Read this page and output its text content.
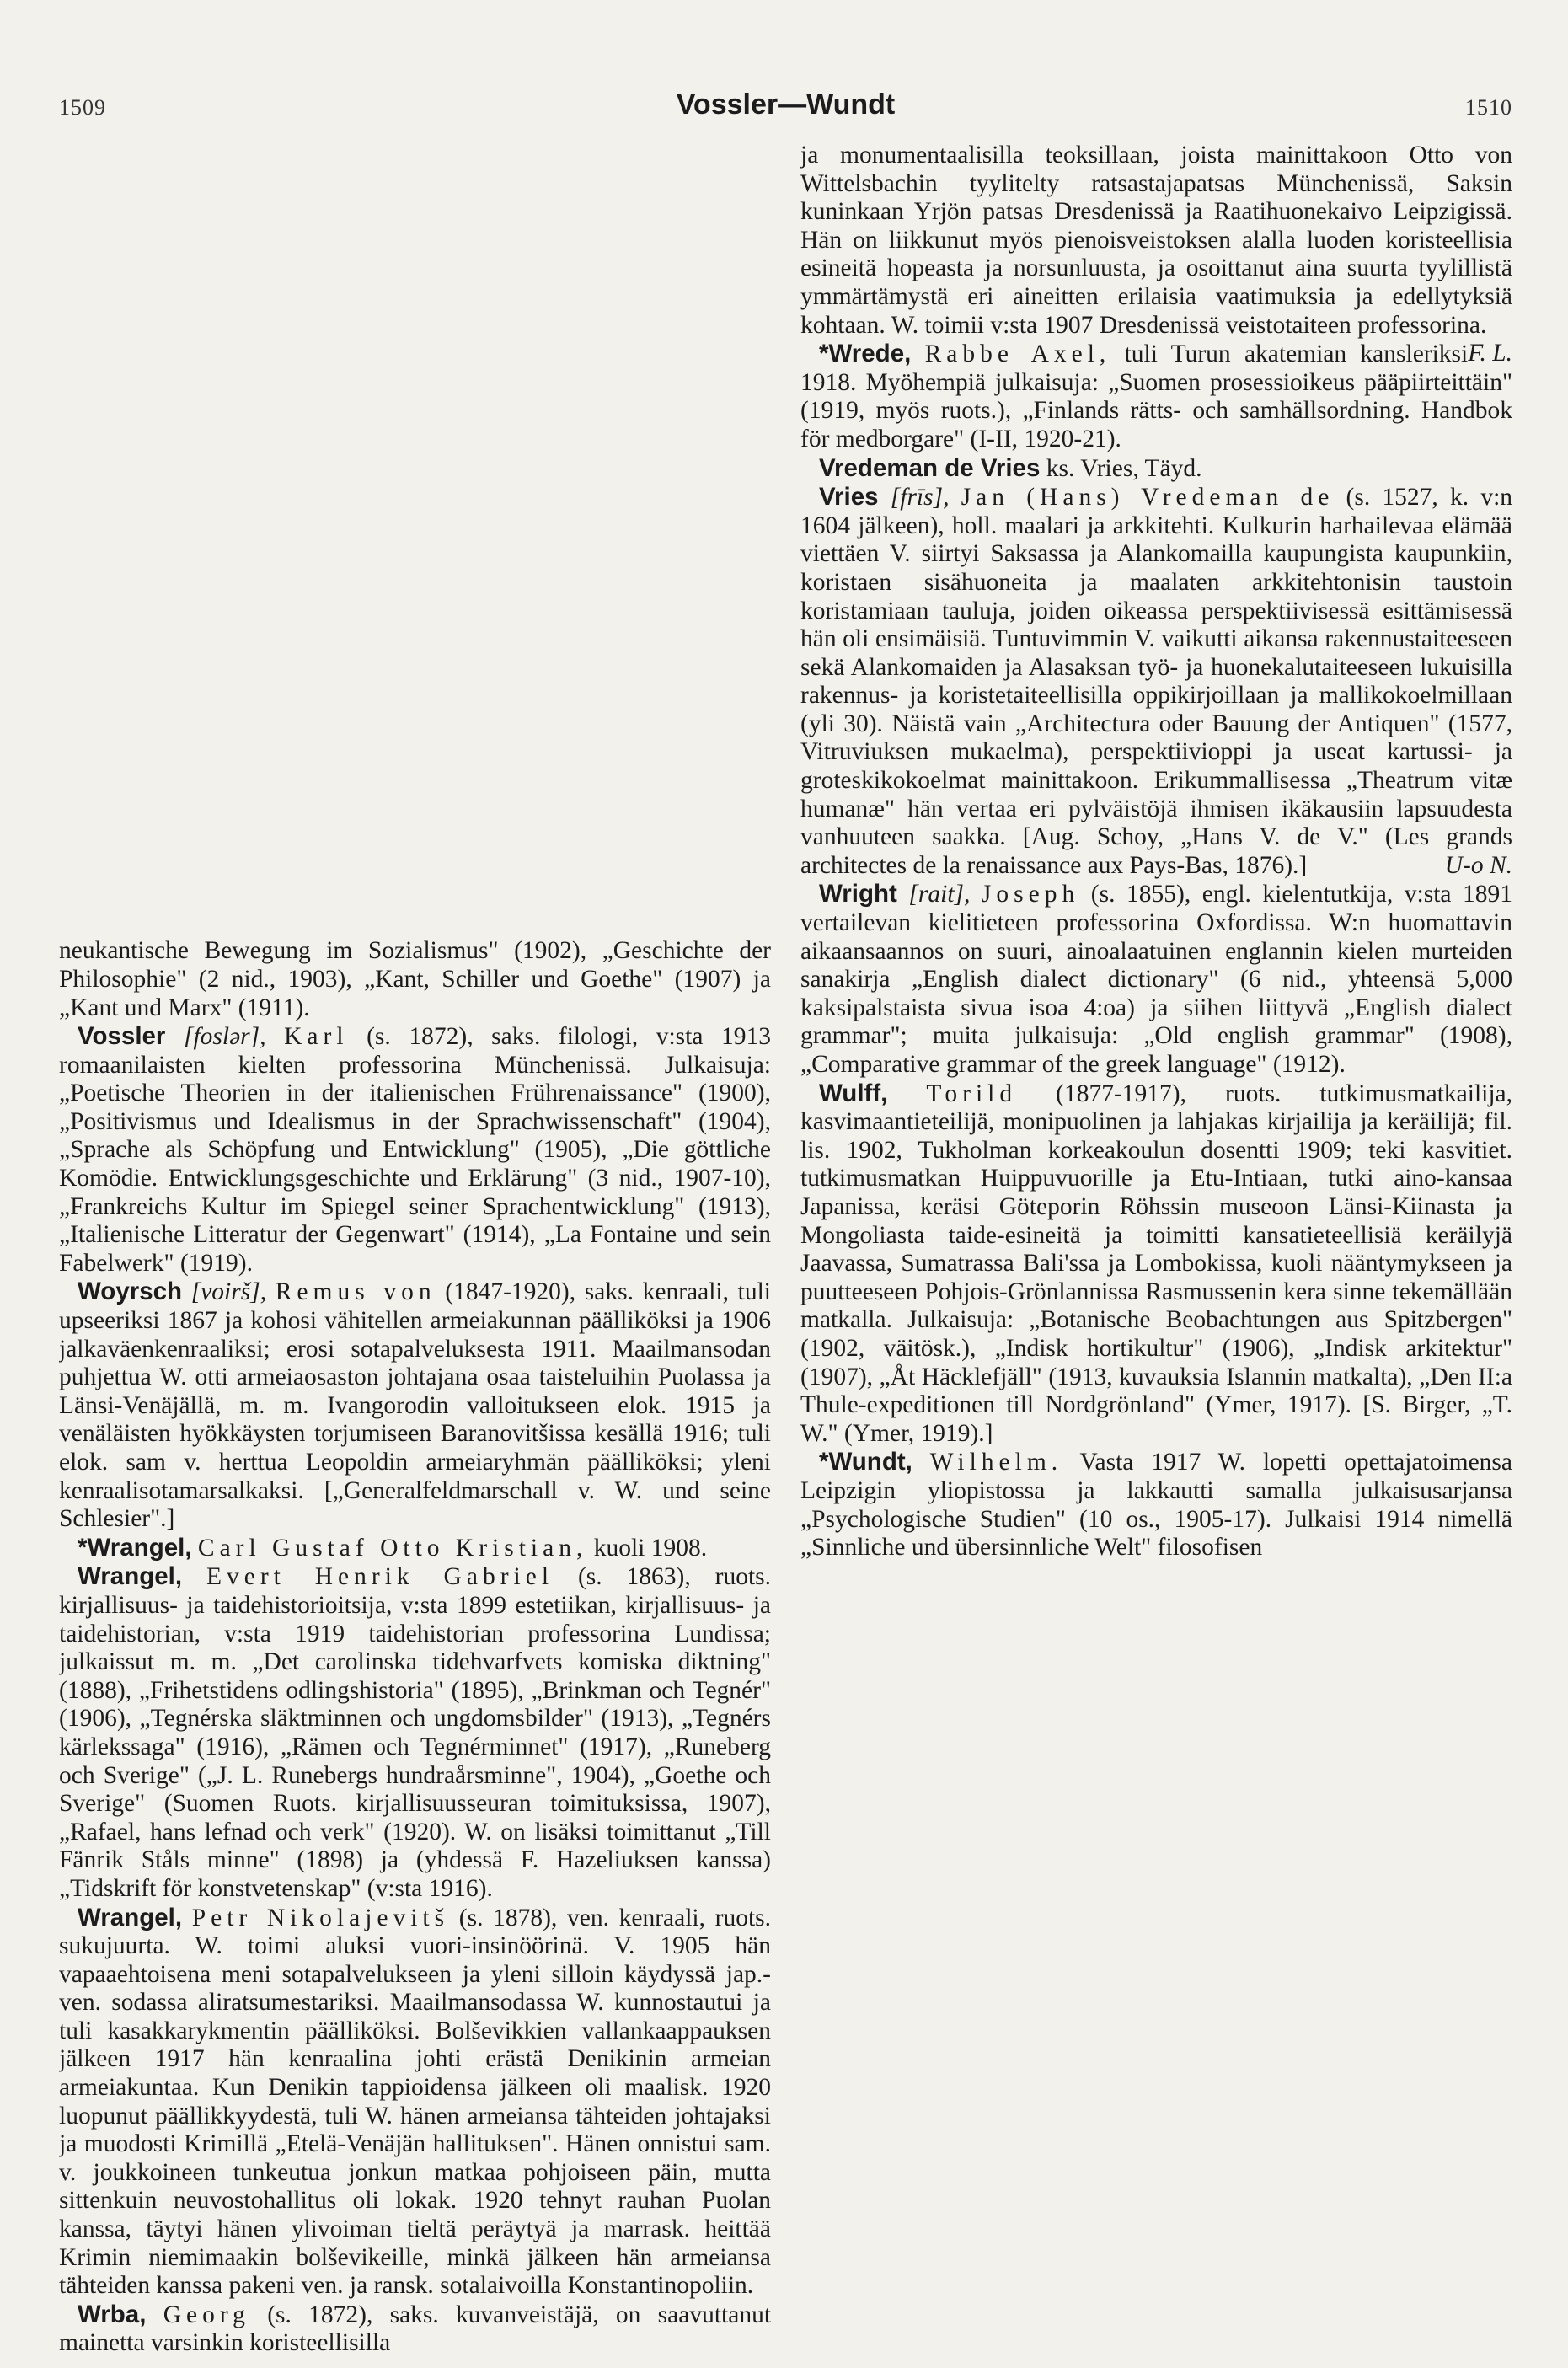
1509	Vossler—Wundt	1510

neukantische Bewegung im Sozialismus" (1902), „Geschichte der Philosophie" (2 nid., 1903), „Kant, Schiller und Goethe" (1907) ja „Kant und Marx" (1911).

Vossler [foslər], Karl (s. 1872), saks. filologi, v:sta 1913 romaanilaisten kielten professorina Münchenissä. Julkaisuja: „Poetische Theorien in der italienischen Frührenaissance" (1900), „Positivismus und Idealismus in der Sprachwissenschaft" (1904), „Sprache als Schöpfung und Entwicklung" (1905), „Die göttliche Komödie. Entwicklungsgeschichte und Erklärung" (3 nid., 1907-10), „Frankreichs Kultur im Spiegel seiner Sprachentwicklung" (1913), „Italienische Litteratur der Gegenwart" (1914), „La Fontaine und sein Fabelwerk" (1919).

Woyrsch [voirš], Remus von (1847-1920), saks. kenraali, tuli upseeriksi 1867 ja kohosi vähitellen armeiakunnan päälliköksi ja 1906 jalkaväenkenraaliksi; erosi sotapalveluksesta 1911. Maailmansodan puhjettua W. otti armeiaosaston johtajana osaa taisteluihin Puolassa ja Länsi-Venäjällä, m. m. Ivangorodin valloitukseen elok. 1915 ja venäläisten hyökkäysten torjumiseen Baranovitšissa kesällä 1916; tuli elok. sam v. herttua Leopoldin armeiaryhmän päälliköksi; yleni kenraalisotamarsalkaksi. [„Generalfeldmarschall v. W. und seine Schlesier".]

*Wrangel, Carl Gustaf Otto Kristian, kuoli 1908.

Wrangel, Evert Henrik Gabriel (s. 1863), ruots. kirjallisuus- ja taidehistorioitsija, v:sta 1899 estetiikan, kirjallisuus- ja taidehistorian, v:sta 1919 taidehistorian professorina Lundissa; julkaissut m. m. „Det carolinska tidehvarfvets komiska diktning" (1888), „Frihetstidens odlingshistoria" (1895), „Brinkman och Tegnér" (1906), „Tegnérska släktminnen och ungdomsbilder" (1913), „Tegnérs kärlekssaga" (1916), „Rämen och Tegnérminnet" (1917), „Runeberg och Sverige" („J. L. Runebergs hundraårsminne", 1904), „Goethe och Sverige" (Suomen Ruots. kirjallisuusseuran toimituksissa, 1907), „Rafael, hans lefnad och verk" (1920). W. on lisäksi toimittanut „Till Fänrik Ståls minne" (1898) ja (yhdessä F. Hazeliuksen kanssa) „Tidskrift för konstvetenskap" (v:sta 1916).

Wrangel, Petr Nikolajevitš (s. 1878), ven. kenraali, ruots. sukujuurta. W. toimi aluksi vuori-insinöörinä. V. 1905 hän vapaaehtoisena meni sotapalvelukseen ja yleni silloin käydyssä jap.-ven. sodassa aliratsumestariksi. Maailmansodassa W. kunnostautui ja tuli kasakkarykmentin päälliköksi. Bolševikkien vallankaappauksen jälkeen 1917 hän kenraalina johti erästä Denikinin armeian armeiakuntaa. Kun Denikin tappioidensa jälkeen oli maalisk. 1920 luopunut päällikkyydestä, tuli W. hänen armeiansa tähteiden johtajaksi ja muodosti Krimillä „Etelä-Venäjän hallituksen". Hänen onnistui sam. v. joukkoineen tunkeutua jonkun matkaa pohjoiseen päin, mutta sittenkuin neuvostohallitus oli lokak. 1920 tehnyt rauhan Puolan kanssa, täytyi hänen ylivoiman tieltä peräytyä ja marrask. heittää Krimin niemimaakin bolševikeille, minkä jälkeen hän armeiansa tähteiden kanssa pakeni ven. ja ransk. sotalaivoilla Konstantinopoliin.

Wrba, Georg (s. 1872), saks. kuvanveistäjä, on saavuttanut mainetta varsinkin koristeellisilla

ja monumentaalisilla teoksillaan, joista mainittakoon Otto von Wittelsbachin tyylitelty ratsastajapatsas Münchenissä, Saksin kuninkaan Yrjön patsas Dresdenissä ja Raatihuonekaivo Leipzigissä. Hän on liikkunut myös pienoisveistoksen alalla luoden koristeellisia esineitä hopeasta ja norsunluusta, ja osoittanut aina suurta tyylillistä ymmärtämystä eri aineitten erilaisia vaatimuksia ja edellytyksiä kohtaan. W. toimii v:sta 1907 Dresdenissä veistotaiteen professorina.
F. L.

*Wrede, Rabbe Axel, tuli Turun akatemian kansleriksi 1918. Myöhempiä julkaisuja: „Suomen prosessioikeus pääpiirteittäin" (1919, myös ruots.), „Finlands rätts- och samhällsordning. Handbok för medborgare" (I-II, 1920-21).

Vredeman de Vries ks. Vries, Täyd.

Vries [frīs], Jan (Hans) Vredeman de (s. 1527, k. v:n 1604 jälkeen), holl. maalari ja arkkitehti. Kulkurin harhailevaa elämää viettäen V. siirtyi Saksassa ja Alankomailla kaupungista kaupunkiin, koristaen sisähuoneita ja maalaten arkkitehtonisin taustoin koristamiaan tauluja, joiden oikeassa perspektiivisessä esittämisessä hän oli ensimäisiä. Tuntuvimmin V. vaikutti aikansa rakennustaiteeseen sekä Alankomaiden ja Alasaksan työ- ja huonekalutaiteeseen lukuisilla rakennus- ja koristetaiteellisilla oppikirjoillaan ja mallikokoelmillaan (yli 30). Näistä vain „Architectura oder Bauung der Antiquen" (1577, Vitruviuksen mukaelma), perspektiivioppi ja useat kartussi- ja groteskikokoelmat mainittakoon. Erikummallisessa „Theatrum vitæ humanæ" hän vertaa eri pylväistöjä ihmisen ikäkausiin lapsuudesta vanhuuteen saakka. [Aug. Schoy, „Hans V. de V." (Les grands architectes de la renaissance aux Pays-Bas, 1876).]	U-o N.

Wright [rait], Joseph (s. 1855), engl. kielentutkija, v:sta 1891 vertailevan kielitieteen professorina Oxfordissa. W:n huomattavin aikaansaannos on suuri, ainoalaatuinen englannin kielen murteiden sanakirja „English dialect dictionary" (6 nid., yhteensä 5,000 kaksipalstaista sivua isoa 4:oa) ja siihen liittyvä „English dialect grammar"; muita julkaisuja: „Old english grammar" (1908), „Comparative grammar of the greek language" (1912).

Wulff, Torild (1877-1917), ruots. tutkimusmatkailija, kasvimaantieteilijä, monipuolinen ja lahjakas kirjailija ja keräilijä; fil. lis. 1902, Tukholman korkeakoulun dosentti 1909; teki kasvitiet. tutkimusmatkan Huippuvuorille ja Etu-Intiaan, tutki aino-kansaa Japanissa, keräsi Göteporin Röhssin museoon Länsi-Kiinasta ja Mongoliasta taide-esineitä ja toimitti kansatieteellisiä keräilyjä Jaavassa, Sumatrassa Bali'ssa ja Lombokissa, kuoli nääntymykseen ja puutteeseen Pohjois-Grönlannissa Rasmussenin kera sinne tekemällään matkalla. Julkaisuja: „Botanische Beobachtungen aus Spitzbergen" (1902, väitösk.), „Indisk hortikultur" (1906), „Indisk arkitektur" (1907), „Åt Häcklefjäll" (1913, kuvauksia Islannin matkalta), „Den II:a Thule-expeditionen till Nordgrönland" (Ymer, 1917). [S. Birger, „T. W." (Ymer, 1919).]

*Wundt, Wilhelm. Vasta 1917 W. lopetti opettajatoimensa Leipzigin yliopistossa ja lakkautti samalla julkaisusarjansa „Psychologische Studien" (10 os., 1905-17). Julkaisi 1914 nimellä „Sinnliche und übersinnliche Welt" filosofisen
